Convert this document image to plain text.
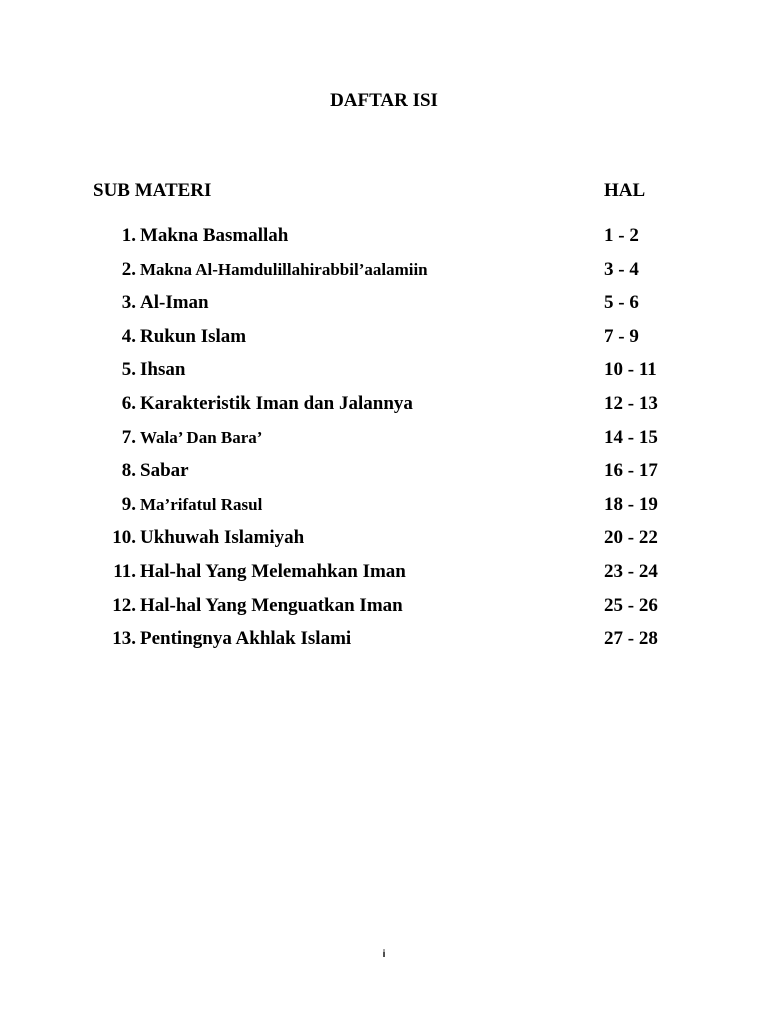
DAFTAR ISI
SUB MATERI	HAL
1. Makna Basmallah	1 - 2
2. Makna Al-Hamdulillahirabbil’aalamiin	3 - 4
3. Al-Iman	5 - 6
4. Rukun Islam	7 - 9
5. Ihsan	10 - 11
6. Karakteristik Iman dan Jalannya	12 - 13
7. Wala’ Dan Bara’	14 - 15
8. Sabar	16 - 17
9. Ma’rifatul Rasul	18 - 19
10. Ukhuwah Islamiyah	20 - 22
11. Hal-hal Yang Melemahkan Iman	23 - 24
12. Hal-hal Yang Menguatkan Iman	25 - 26
13. Pentingnya Akhlak Islami	27 - 28
i
